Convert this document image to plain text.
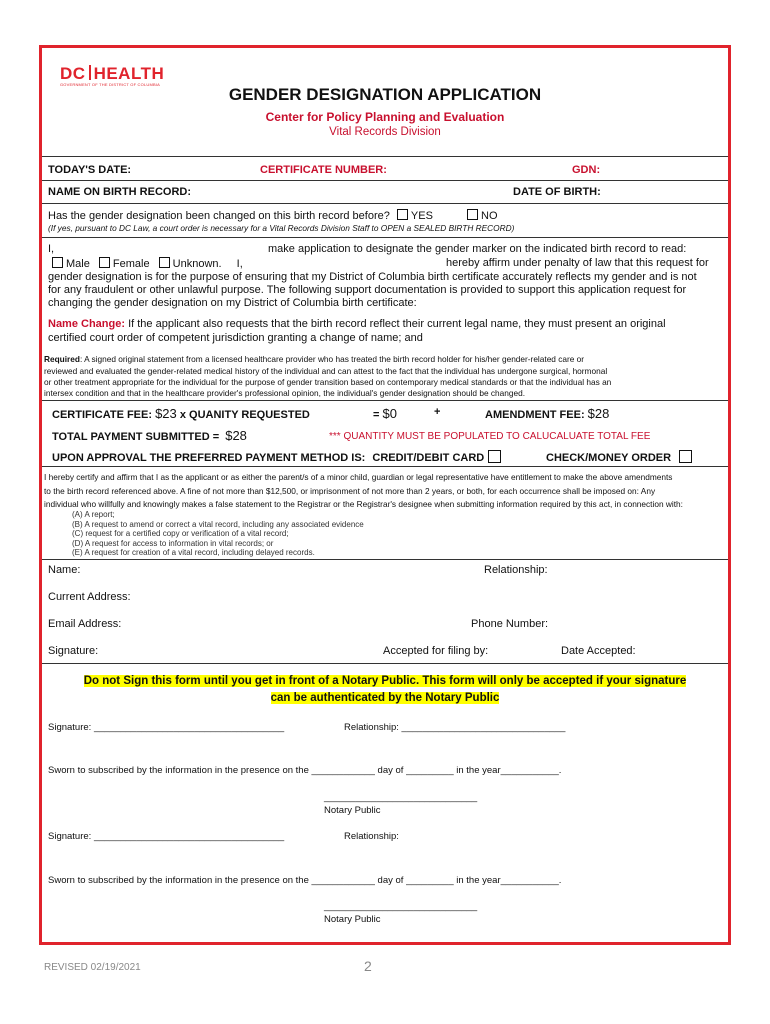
DC HEALTH
GOVERNMENT OF THE DISTRICT OF COLUMBIA
GENDER DESIGNATION APPLICATION
Center for Policy Planning and Evaluation
Vital Records Division
TODAY'S DATE:	CERTIFICATE NUMBER:	GDN:
NAME ON BIRTH RECORD:	DATE OF BIRTH:
Has the gender designation been changed on this birth record before? YES	NO
(If yes, pursuant to DC Law, a court order is necessary for a Vital Records Division Staff to OPEN a SEALED BIRTH RECORD)
I,	make application to designate the gender marker on the indicated birth record to read:
Male Female Unknown. I,	hereby affirm under penalty of law that this request for
gender designation is for the purpose of ensuring that my District of Columbia birth certificate accurately reflects my gender and is not
for any fraudulent or other unlawful purpose. The following support documentation is provided to support this application request for
changing the gender designation on my District of Columbia birth certificate:
Name Change: If the applicant also requests that the birth record reflect their current legal name, they must present an original
certified court order of competent jurisdiction granting a change of name; and
Required: A signed original statement from a licensed healthcare provider who has treated the birth record holder for his/her gender-related care or
reviewed and evaluated the gender-related medical history of the individual and can attest to the fact that the individual has undergone surgical, hormonal
or other treatment appropriate for the individual for the purpose of gender transition based on contemporary medical standards or that the individual has an
intersex condition and that in the healthcare provider's professional opinion, the individual's gender designation should be changed.
CERTIFICATE FEE: $23 x QUANITY REQUESTED	= $0	+	AMENDMENT FEE: $28
TOTAL PAYMENT SUBMITTED = $28	*** QUANTITY MUST BE POPULATED TO CALUCALUATE TOTAL FEE
UPON APPROVAL THE PREFERRED PAYMENT METHOD IS: CREDIT/DEBIT CARD	CHECK/MONEY ORDER
I hereby certify and affirm that I as the applicant or as either the parent/s of a minor child, guardian or legal representative have entitlement to make the above amendments
to the birth record referenced above. A fine of not more than $12,500, or imprisonment of not more than 2 years, or both, for each occurrence shall be imposed on: Any
individual who willfully and knowingly makes a false statement to the Registrar or the Registrar's designee when submitting information required by this act, in connection with:
(A) A report;
(B) A request to amend or correct a vital record, including any associated evidence
(C) request for a certified copy or verification of a vital record;
(D) A request for access to information in vital records; or
(E) A request for creation of a vital record, including delayed records.
Name:	Relationship:
Current Address:
Email Address:	Phone Number:
Signature:	Accepted for filing by:	Date Accepted:
Do not Sign this form until you get in front of a Notary Public. This form will only be accepted if your signature
can be authenticated by the Notary Public
Signature: ____________________________________	Relationship: _______________________________
Sworn to subscribed by the information in the presence on the ____________ day of _________ in the year___________.
_____________________________
Notary Public
Signature: ____________________________________	Relationship:
Sworn to subscribed by the information in the presence on the ____________ day of _________ in the year___________.
_____________________________
Notary Public
REVISED 02/19/2021	2
